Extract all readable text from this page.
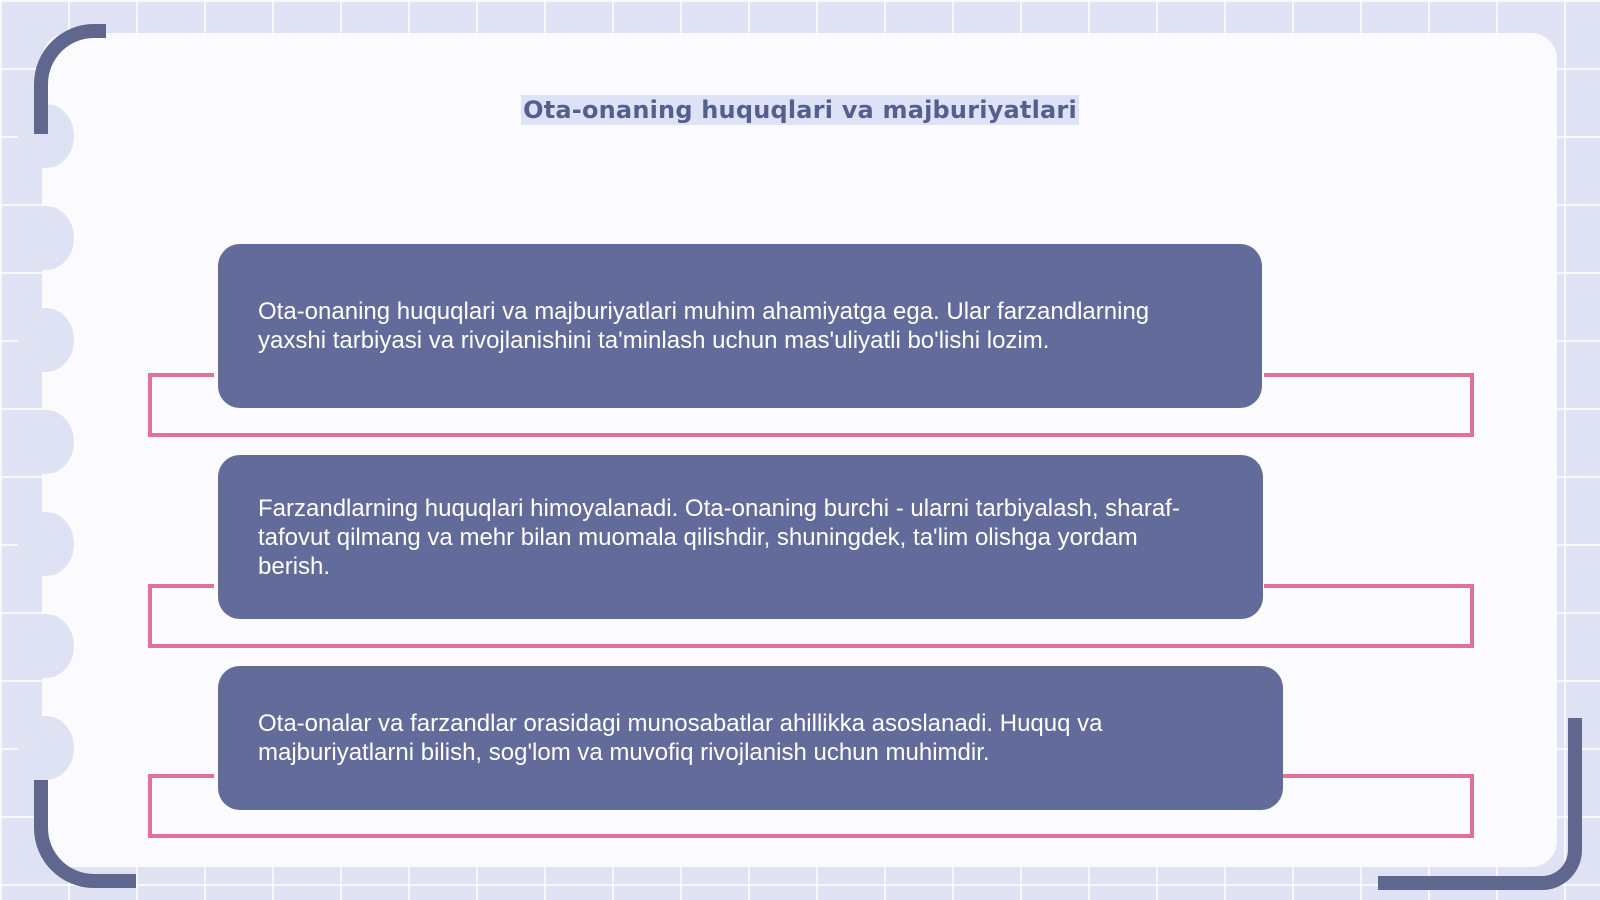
Ota-onaning huquqlari va majburiyatlari

Ota-onaning huquqlari va majburiyatlari muhim ahamiyatga ega. Ular farzandlarning yaxshi tarbiyasi va rivojlanishini ta'minlash uchun mas'uliyatli bo'lishi lozim.

Farzandlarning huquqlari himoyalanadi. Ota-onaning burchi - ularni tarbiyalash, sharaf-tafovut qilmang va mehr bilan muomala qilishdir, shuningdek, ta'lim olishga yordam berish.

Ota-onalar va farzandlar orasidagi munosabatlar ahillikka asoslanadi. Huquq va majburiyatlarni bilish, sog'lom va muvofiq rivojlanish uchun muhimdir.
